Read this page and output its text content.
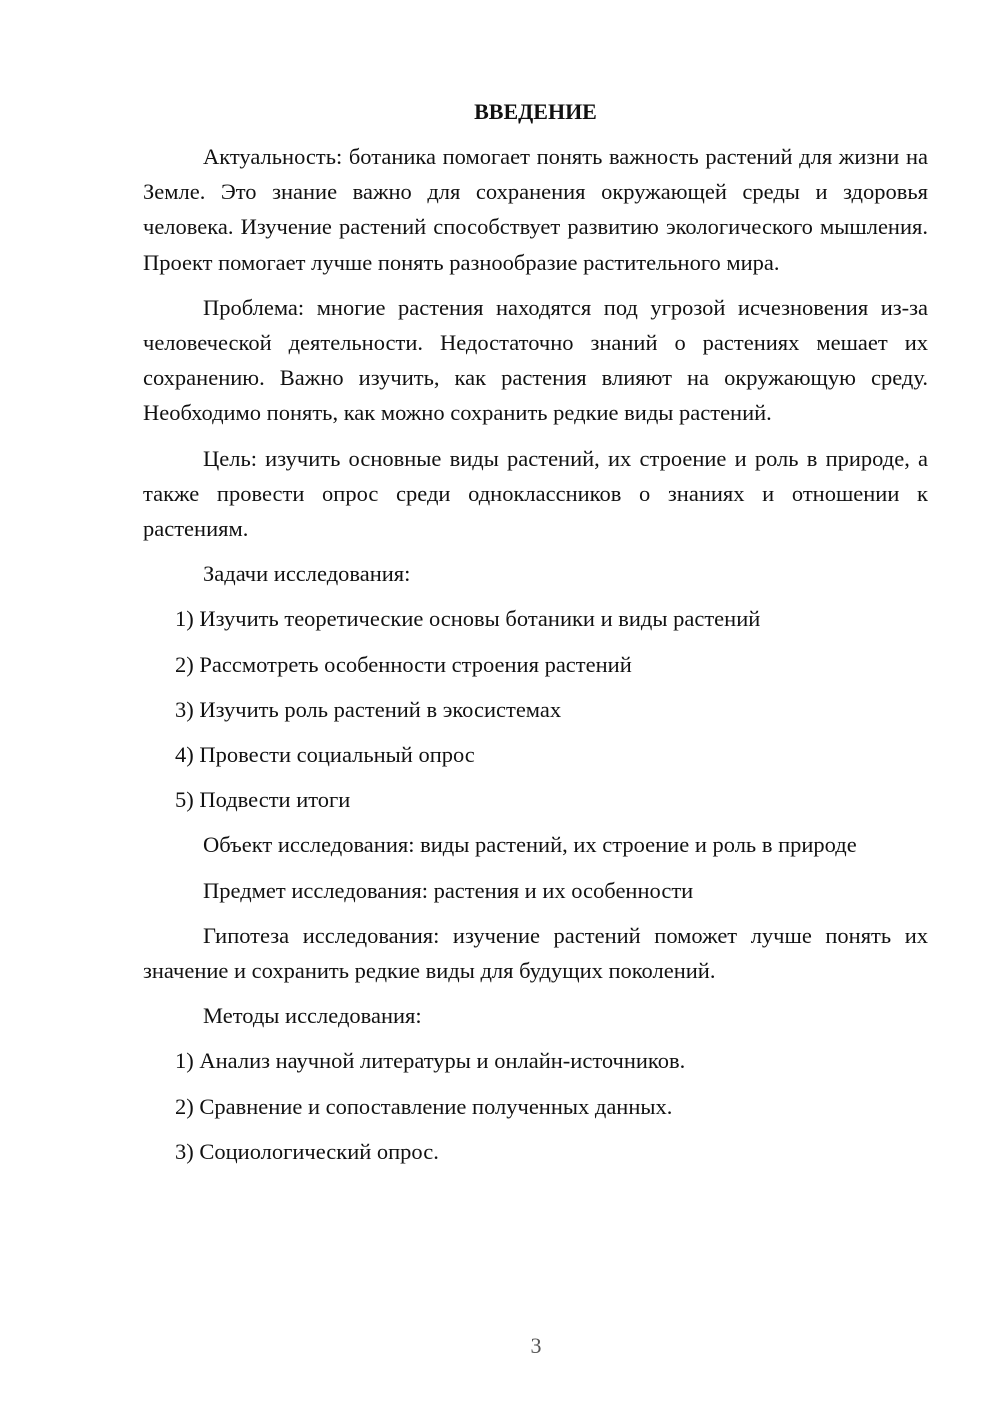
ВВЕДЕНИЕ
Актуальность: ботаника помогает понять важность растений для жизни на Земле. Это знание важно для сохранения окружающей среды и здоровья человека. Изучение растений способствует развитию экологического мышления. Проект помогает лучше понять разнообразие растительного мира.
Проблема: многие растения находятся под угрозой исчезновения из-за человеческой деятельности. Недостаточно знаний о растениях мешает их сохранению. Важно изучить, как растения влияют на окружающую среду. Необходимо понять, как можно сохранить редкие виды растений.
Цель: изучить основные виды растений, их строение и роль в природе, а также провести опрос среди одноклассников о знаниях и отношении к растениям.
Задачи исследования:
1) Изучить теоретические основы ботаники и виды растений
2) Рассмотреть особенности строения растений
3) Изучить роль растений в экосистемах
4) Провести социальный опрос
5) Подвести итоги
Объект исследования: виды растений, их строение и роль в природе
Предмет исследования: растения и их особенности
Гипотеза исследования: изучение растений поможет лучше понять их значение и сохранить редкие виды для будущих поколений.
Методы исследования:
1) Анализ научной литературы и онлайн-источников.
2) Сравнение и сопоставление полученных данных.
3) Социологический опрос.
3
